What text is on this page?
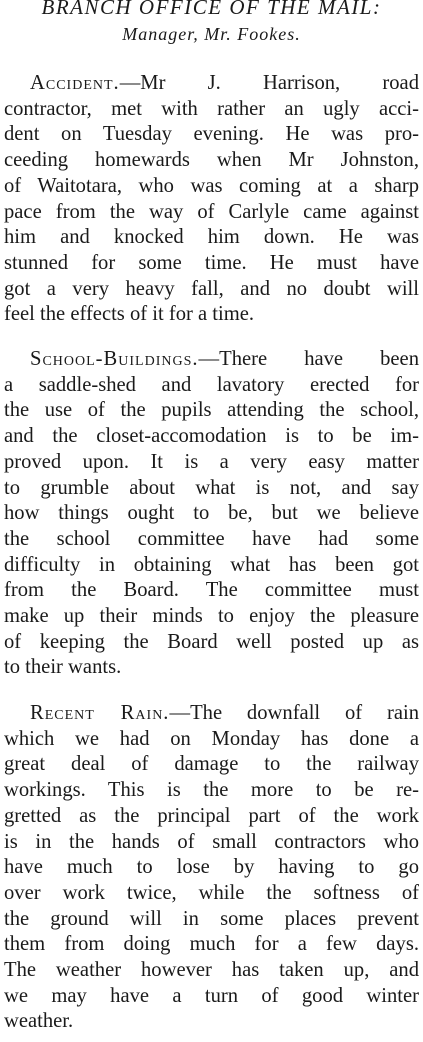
BRANCH OFFICE OF THE MAIL:
Manager, Mr. Fookes.
Accident.—Mr J. Harrison, road
contractor, met with rather an ugly acci-
dent on Tuesday evening. He was pro-
ceeding homewards when Mr Johnston,
of Waitotara, who was coming at a sharp
pace from the way of Carlyle came against
him and knocked him down. He was
stunned for some time. He must have
got a very heavy fall, and no doubt will
feel the effects of it for a time.
School-Buildings.—There have been
a saddle-shed and lavatory erected for
the use of the pupils attending the school,
and the closet-accomodation is to be im-
proved upon. It is a very easy matter
to grumble about what is not, and say
how things ought to be, but we believe
the school committee have had some
difficulty in obtaining what has been got
from the Board. The committee must
make up their minds to enjoy the pleasure
of keeping the Board well posted up as
to their wants.
Recent Rain.—The downfall of rain
which we had on Monday has done a
great deal of damage to the railway
workings. This is the more to be re-
gretted as the principal part of the work
is in the hands of small contractors who
have much to lose by having to go
over work twice, while the softness of
the ground will in some places prevent
them from doing much for a few days.
The weather however has taken up, and
we may have a turn of good winter
weather.
